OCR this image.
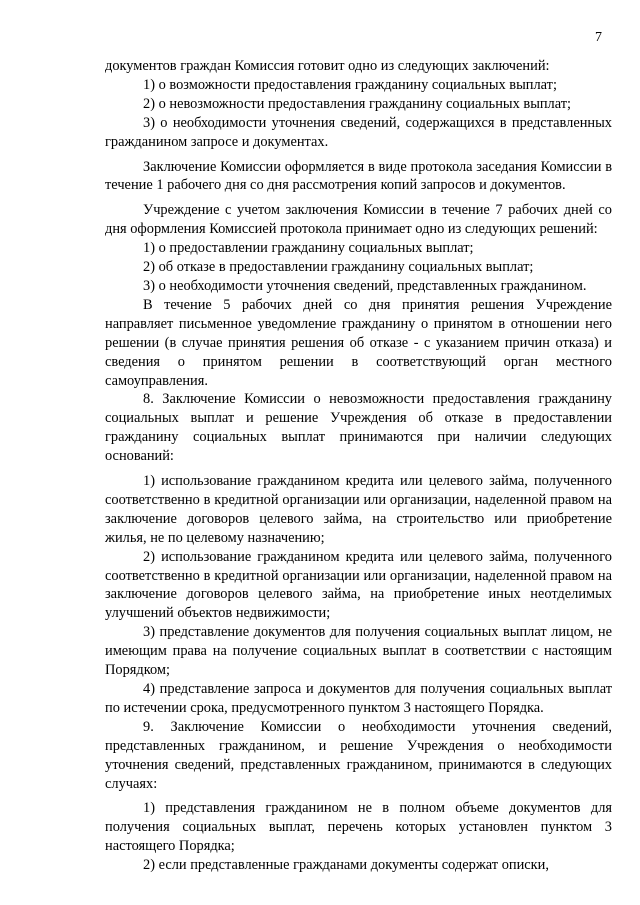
7

документов граждан Комиссия готовит одно из следующих заключений:

1) о возможности предоставления гражданину социальных выплат;

2) о невозможности предоставления гражданину социальных выплат;

3) о необходимости уточнения сведений, содержащихся в представленных гражданином запросе и документах.

Заключение Комиссии оформляется в виде протокола заседания Комиссии в течение 1 рабочего дня со дня рассмотрения копий запросов и документов.

Учреждение с учетом заключения Комиссии в течение 7 рабочих дней со дня оформления Комиссией протокола принимает одно из следующих решений:

1) о предоставлении гражданину социальных выплат;

2) об отказе в предоставлении гражданину социальных выплат;

3) о необходимости уточнения сведений, представленных гражданином.

В течение 5 рабочих дней со дня принятия решения Учреждение направляет письменное уведомление гражданину о принятом в отношении него решении (в случае принятия решения об отказе - с указанием причин отказа) и сведения о принятом решении в соответствующий орган местного самоуправления.

8. Заключение Комиссии о невозможности предоставления гражданину социальных выплат и решение Учреждения об отказе в предоставлении гражданину социальных выплат принимаются при наличии следующих оснований:

1) использование гражданином кредита или целевого займа, полученного соответственно в кредитной организации или организации, наделенной правом на заключение договоров целевого займа, на строительство или приобретение жилья, не по целевому назначению;

2) использование гражданином кредита или целевого займа, полученного соответственно в кредитной организации или организации, наделенной правом на заключение договоров целевого займа, на приобретение иных неотделимых улучшений объектов недвижимости;

3) представление документов для получения социальных выплат лицом, не имеющим права на получение социальных выплат в соответствии с настоящим Порядком;

4) представление запроса и документов для получения социальных выплат по истечении срока, предусмотренного пунктом 3 настоящего Порядка.

9. Заключение Комиссии о необходимости уточнения сведений, представленных гражданином, и решение Учреждения о необходимости уточнения сведений, представленных гражданином, принимаются в следующих случаях:

1) представления гражданином не в полном объеме документов для получения социальных выплат, перечень которых установлен пунктом 3 настоящего Порядка;

2) если представленные гражданами документы содержат описки,
